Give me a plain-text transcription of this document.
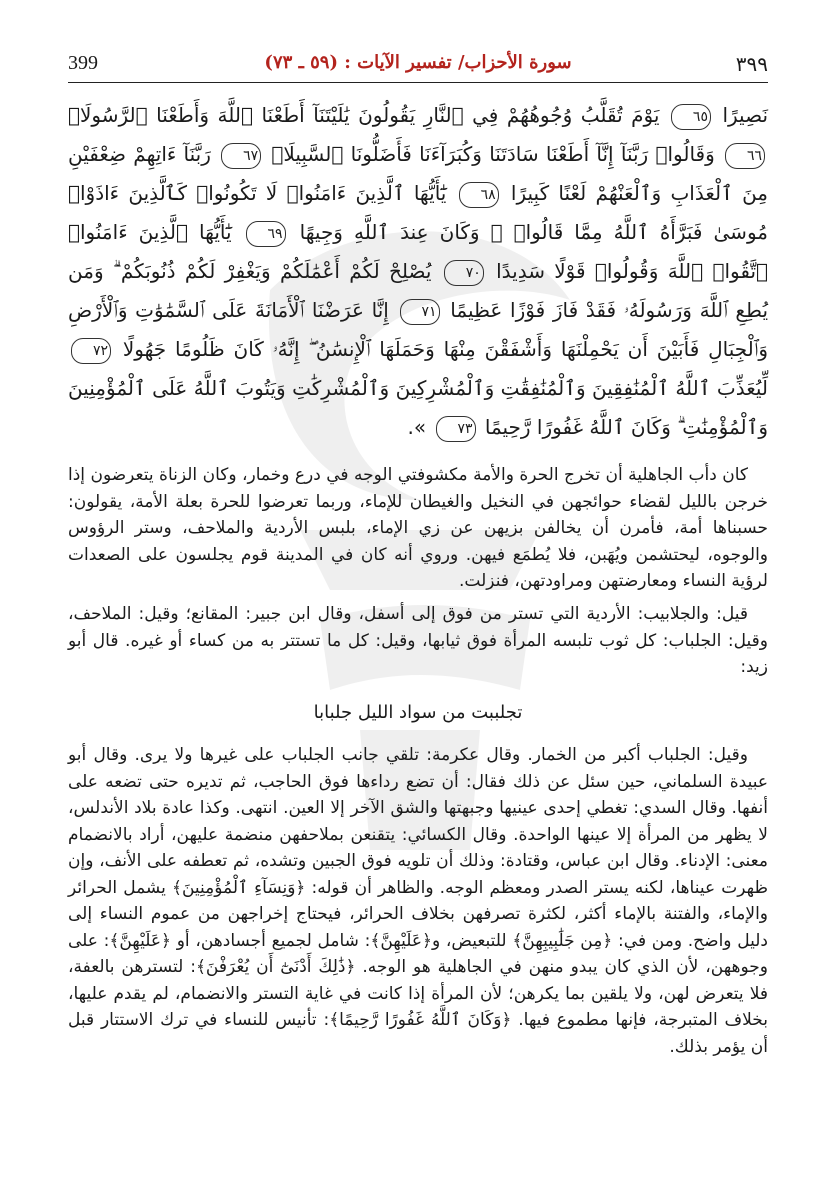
399	سورة الأحزاب/ تفسير الآيات : (٥٩ ـ ٧٣)	٣٩٩
نَصِيرًا ٦٥ يَوْمَ تُقَلَّبُ وُجُوهُهُمْ فِي ٱلنَّارِ يَقُولُونَ يَٰلَيْتَنَآ أَطَعْنَا ٱللَّهَ وَأَطَعْنَا ٱلرَّسُولَا۠ ٦٦ وَقَالُوا۟ رَبَّنَآ إِنَّآ أَطَعْنَا سَادَتَنَا وَكُبَرَآءَنَا فَأَضَلُّونَا ٱلسَّبِيلَا۠ ٦٧ رَبَّنَآ ءَاتِهِمْ ضِعْفَيْنِ مِنَ ٱلْعَذَابِ وَٱلْعَنْهُمْ لَعْنًا كَبِيرًا ٦٨ يَٰٓأَيُّهَا ٱلَّذِينَ ءَامَنُوا۟ لَا تَكُونُوا۟ كَٱلَّذِينَ ءَاذَوْا۟ مُوسَىٰ فَبَرَّأَهُ ٱللَّهُ مِمَّا قَالُوا۟ ۚ وَكَانَ عِندَ ٱللَّهِ وَجِيهًا ٦٩ يَٰٓأَيُّهَا ٱلَّذِينَ ءَامَنُوا۟ ٱتَّقُوا۟ ٱللَّهَ وَقُولُوا۟ قَوْلًا سَدِيدًا ٧٠ يُصْلِحْ لَكُمْ أَعْمَٰلَكُمْ وَيَغْفِرْ لَكُمْ ذُنُوبَكُمْ ۗ وَمَن يُطِعِ ٱللَّهَ وَرَسُولَهُۥ فَقَدْ فَازَ فَوْزًا عَظِيمًا ٧١ إِنَّا عَرَضْنَا ٱلْأَمَانَةَ عَلَى ٱلسَّمَٰوَٰتِ وَٱلْأَرْضِ وَٱلْجِبَالِ فَأَبَيْنَ أَن يَحْمِلْنَهَا وَأَشْفَقْنَ مِنْهَا وَحَمَلَهَا ٱلْإِنسَٰنُ ۖ إِنَّهُۥ كَانَ ظَلُومًا جَهُولًا ٧٢ لِّيُعَذِّبَ ٱللَّهُ ٱلْمُنَٰفِقِينَ وَٱلْمُنَٰفِقَٰتِ وَٱلْمُشْرِكِينَ وَٱلْمُشْرِكَٰتِ وَيَتُوبَ ٱللَّهُ عَلَى ٱلْمُؤْمِنِينَ وَٱلْمُؤْمِنَٰتِ ۗ وَكَانَ ٱللَّهُ غَفُورًا رَّحِيمًا ٧٣ ».

كان دأب الجاهلية أن تخرج الحرة والأمة مكشوفتي الوجه في درع وخمار، وكان الزناة يتعرضون إذا خرجن بالليل لقضاء حوائجهن في النخيل والغيطان للإماء، وربما تعرضوا للحرة بعلة الأمة، يقولون: حسبناها أمة، فأمرن أن يخالفن بزيهن عن زي الإماء، بلبس الأردية والملاحف، وستر الرؤوس والوجوه، ليحتشمن ويُهَبن، فلا يُطمَع فيهن. وروي أنه كان في المدينة قوم يجلسون على الصعدات لرؤية النساء ومعارضتهن ومراودتهن، فنزلت.

قيل: والجلابيب: الأردية التي تستر من فوق إلى أسفل، وقال ابن جبير: المقانع؛ وقيل: الملاحف، وقيل: الجلباب: كل ثوب تلبسه المرأة فوق ثيابها، وقيل: كل ما تستتر به من كساء أو غيره. قال أبو زيد:

تجلببت من سواد الليل جلبابا

وقيل: الجلباب أكبر من الخمار. وقال عكرمة: تلقي جانب الجلباب على غيرها ولا يرى. وقال أبو عبيدة السلماني، حين سئل عن ذلك فقال: أن تضع رداءها فوق الحاجب، ثم تديره حتى تضعه على أنفها. وقال السدي: تغطي إحدى عينيها وجبهتها والشق الآخر إلا العين. انتهى. وكذا عادة بلاد الأندلس، لا يظهر من المرأة إلا عينها الواحدة. وقال الكسائي: يتقنعن بملاحفهن منضمة عليهن، أراد بالانضمام معنى: الإدناء. وقال ابن عباس، وقتادة: وذلك أن تلويه فوق الجبين وتشده، ثم تعطفه على الأنف، وإن ظهرت عيناها، لكنه يستر الصدر ومعظم الوجه. والظاهر أن قوله: ﴿وَنِسَآءِ ٱلْمُؤْمِنِينَ﴾ يشمل الحرائر والإماء، والفتنة بالإماء أكثر، لكثرة تصرفهن بخلاف الحرائر، فيحتاج إخراجهن من عموم النساء إلى دليل واضح. ومن في: ﴿مِن جَلَٰبِيبِهِنَّ﴾ للتبعيض، و﴿عَلَيْهِنَّ﴾: شامل لجميع أجسادهن، أو ﴿عَلَيْهِنَّ﴾: على وجوههن، لأن الذي كان يبدو منهن في الجاهلية هو الوجه. ﴿ذَٰلِكَ أَدْنَىٰٓ أَن يُعْرَفْنَ﴾: لتسترهن بالعفة، فلا يتعرض لهن، ولا يلقين بما يكرهن؛ لأن المرأة إذا كانت في غاية التستر والانضمام، لم يقدم عليها، بخلاف المتبرجة، فإنها مطموع فيها. ﴿وَكَانَ ٱللَّهُ غَفُورًا رَّحِيمًا﴾: تأنيس للنساء في ترك الاستتار قبل أن يؤمر بذلك.
